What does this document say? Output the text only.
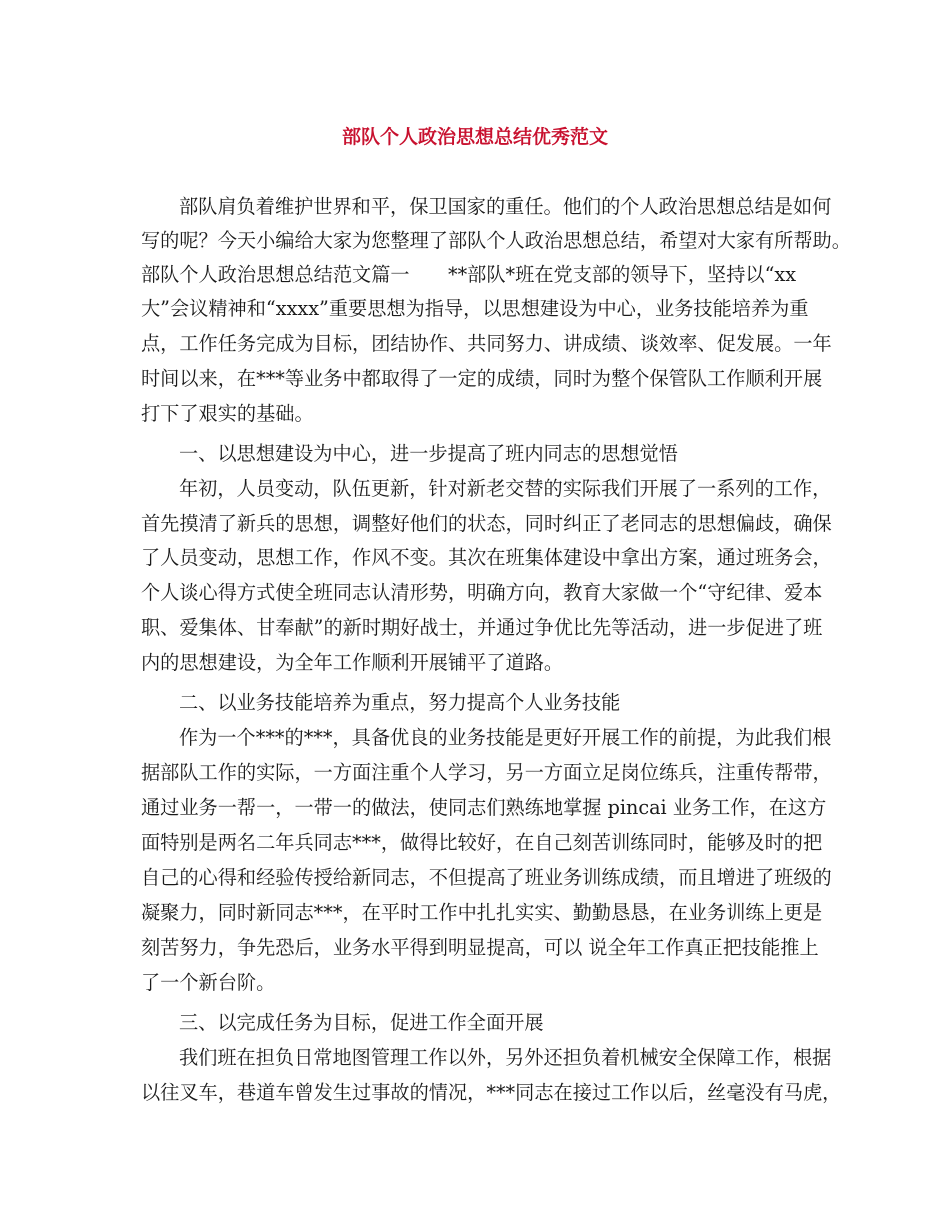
部队个人政治思想总结优秀范文
部队肩负着维护世界和平，保卫国家的重任。他们的个人政治思想总结是如何
写的呢？今天小编给大家为您整理了部队个人政治思想总结，希望对大家有所帮助。
部队个人政治思想总结范文篇一　　**部队*班在党支部的领导下，坚持以“xx
大”会议精神和“xxxx”重要思想为指导，以思想建设为中心，业务技能培养为重
点，工作任务完成为目标，团结协作、共同努力、讲成绩、谈效率、促发展。一年
时间以来，在***等业务中都取得了一定的成绩，同时为整个保管队工作顺利开展
打下了艰实的基础。
一、以思想建设为中心，进一步提高了班内同志的思想觉悟
年初，人员变动，队伍更新，针对新老交替的实际我们开展了一系列的工作，
首先摸清了新兵的思想，调整好他们的状态，同时纠正了老同志的思想偏歧，确保
了人员变动，思想工作，作风不变。其次在班集体建设中拿出方案，通过班务会，
个人谈心得方式使全班同志认清形势，明确方向，教育大家做一个“守纪律、爱本
职、爱集体、甘奉献”的新时期好战士，并通过争优比先等活动，进一步促进了班
内的思想建设，为全年工作顺利开展铺平了道路。
二、以业务技能培养为重点，努力提高个人业务技能
作为一个***的***，具备优良的业务技能是更好开展工作的前提，为此我们根
据部队工作的实际，一方面注重个人学习，另一方面立足岗位练兵，注重传帮带，
通过业务一帮一，一带一的做法，使同志们熟练地掌握 pincai 业务工作，在这方
面特别是两名二年兵同志***，做得比较好，在自己刻苦训练同时，能够及时的把
自己的心得和经验传授给新同志，不但提高了班业务训练成绩，而且增进了班级的
凝聚力，同时新同志***，在平时工作中扎扎实实、勤勤恳恳，在业务训练上更是
刻苦努力，争先恐后，业务水平得到明显提高，可以 说全年工作真正把技能推上
了一个新台阶。
三、以完成任务为目标，促进工作全面开展
我们班在担负日常地图管理工作以外，另外还担负着机械安全保障工作，根据
以往叉车，巷道车曾发生过事故的情况，***同志在接过工作以后，丝毫没有马虎，
